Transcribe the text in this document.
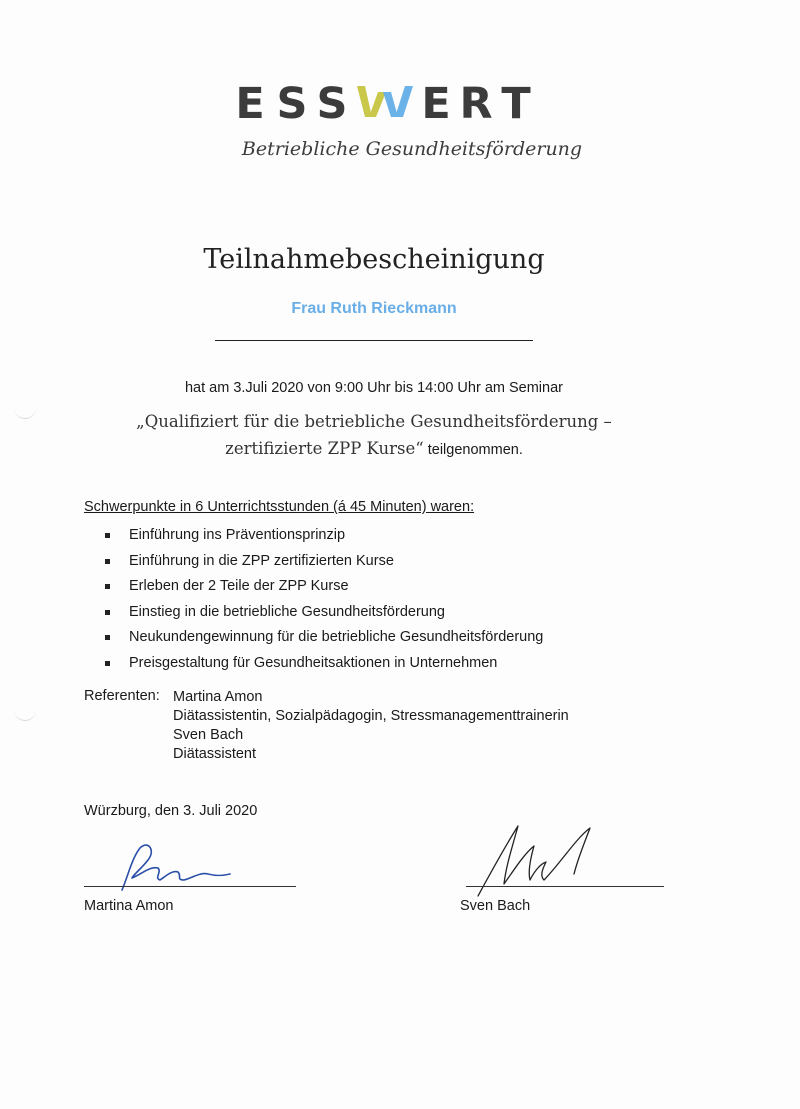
E S S E R T
Betriebliche Gesundheitsförderung
Teilnahmebescheinigung
Frau Ruth Rieckmann
hat am 3.Juli 2020 von 9:00 Uhr bis 14:00 Uhr am Seminar
„Qualifiziert für die betriebliche Gesundheitsförderung –
zertifizierte ZPP Kurse“ teilgenommen.
Schwerpunkte in 6 Unterrichtsstunden (á 45 Minuten) waren:
Einführung ins Präventionsprinzip
Einführung in die ZPP zertifizierten Kurse
Erleben der 2 Teile der ZPP Kurse
Einstieg in die betriebliche Gesundheitsförderung
Neukundengewinnung für die betriebliche Gesundheitsförderung
Preisgestaltung für Gesundheitsaktionen in Unternehmen
Referenten: Martina Amon
Diätassistentin, Sozialpädagogin, Stressmanagementtrainerin
Sven Bach
Diätassistent
Würzburg, den 3. Juli 2020
Martina Amon	Sven Bach
